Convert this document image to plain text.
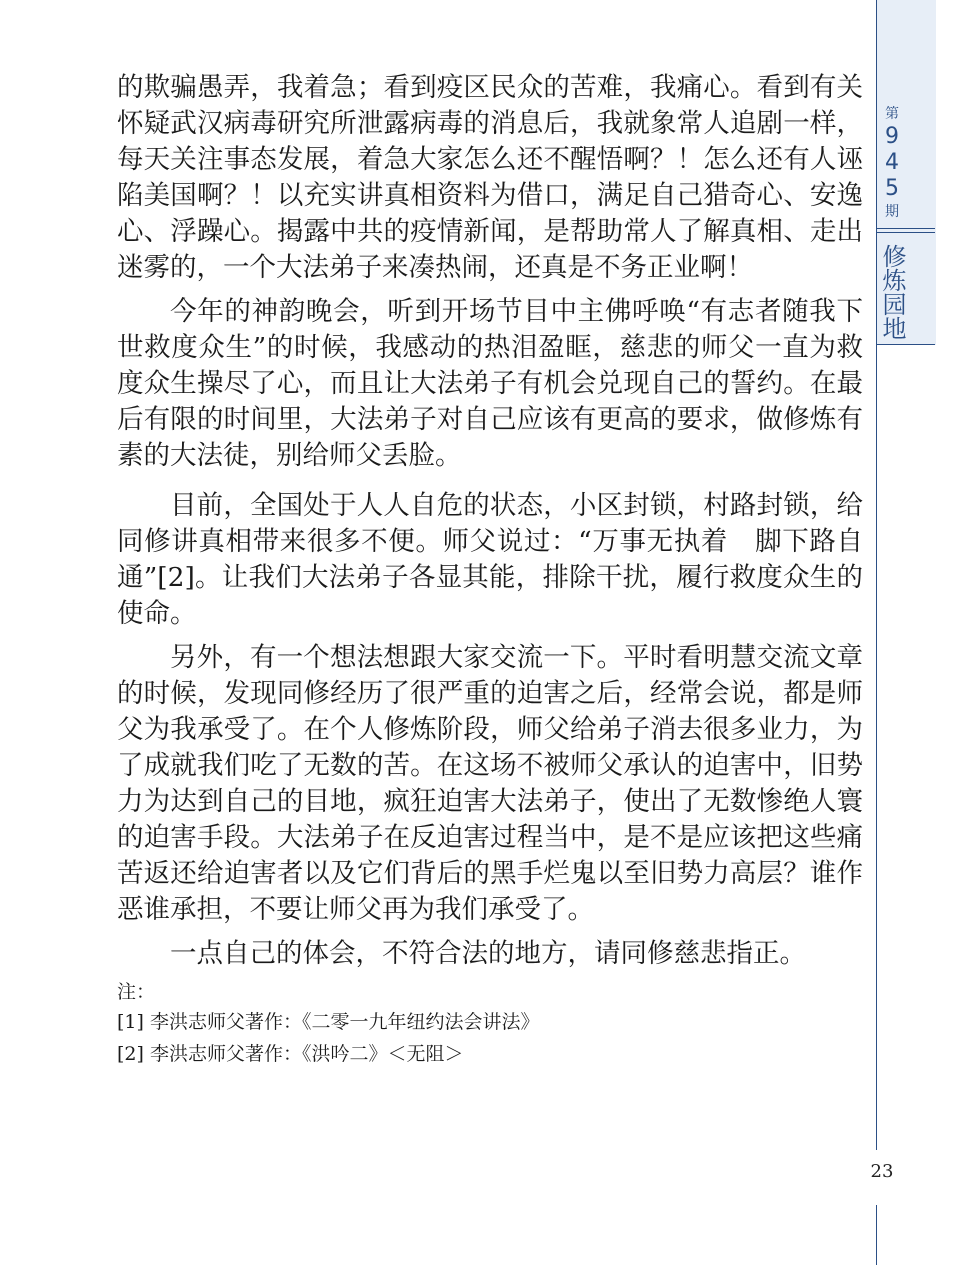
第
9
4
5
期
修炼园地

的欺骗愚弄，我着急；看到疫区民众的苦难，我痛心。看到有关怀疑武汉病毒研究所泄露病毒的消息后，我就象常人追剧一样，每天关注事态发展，着急大家怎么还不醒悟啊？！怎么还有人诬陷美国啊？！以充实讲真相资料为借口，满足自己猎奇心、安逸心、浮躁心。揭露中共的疫情新闻，是帮助常人了解真相、走出迷雾的，一个大法弟子来凑热闹，还真是不务正业啊！

今年的神韵晚会，听到开场节目中主佛呼唤“有志者随我下世救度众生”的时候，我感动的热泪盈眶，慈悲的师父一直为救度众生操尽了心，而且让大法弟子有机会兑现自己的誓约。在最后有限的时间里，大法弟子对自己应该有更高的要求，做修炼有素的大法徒，别给师父丢脸。

目前，全国处于人人自危的状态，小区封锁，村路封锁，给同修讲真相带来很多不便。师父说过：“万事无执着　脚下路自通”[2]。让我们大法弟子各显其能，排除干扰，履行救度众生的使命。

另外，有一个想法想跟大家交流一下。平时看明慧交流文章的时候，发现同修经历了很严重的迫害之后，经常会说，都是师父为我承受了。在个人修炼阶段，师父给弟子消去很多业力，为了成就我们吃了无数的苦。在这场不被师父承认的迫害中，旧势力为达到自己的目地，疯狂迫害大法弟子，使出了无数惨绝人寰的迫害手段。大法弟子在反迫害过程当中，是不是应该把这些痛苦返还给迫害者以及它们背后的黑手烂鬼以至旧势力高层？谁作恶谁承担，不要让师父再为我们承受了。

一点自己的体会，不符合法的地方，请同修慈悲指正。

注：

[1] 李洪志师父著作：《二零一九年纽约法会讲法》

[2] 李洪志师父著作：《洪吟二》＜无阻＞

23
